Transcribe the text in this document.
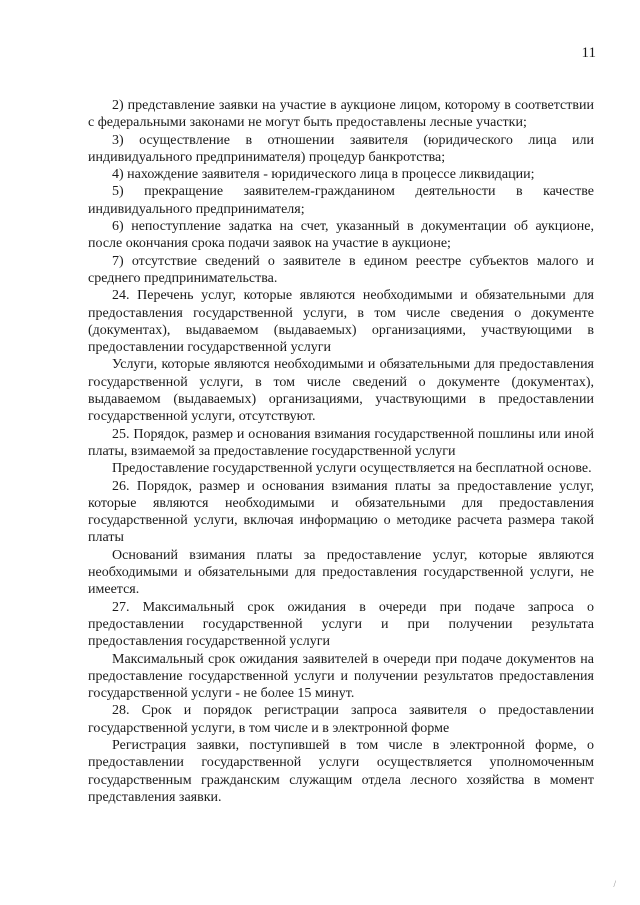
11

2) представление заявки на участие в аукционе лицом, которому в соответствии с федеральными законами не могут быть предоставлены лесные участки;

3) осуществление в отношении заявителя (юридического лица или индивидуального предпринимателя) процедур банкротства;

4) нахождение заявителя - юридического лица в процессе ликвидации;

5) прекращение заявителем-гражданином деятельности в качестве индивидуального предпринимателя;

6) непоступление задатка на счет, указанный в документации об аукционе, после окончания срока подачи заявок на участие в аукционе;

7) отсутствие сведений о заявителе в едином реестре субъектов малого и среднего предпринимательства.

24. Перечень услуг, которые являются необходимыми и обязательными для предоставления государственной услуги, в том числе сведения о документе (документах), выдаваемом (выдаваемых) организациями, участвующими в предоставлении государственной услуги

Услуги, которые являются необходимыми и обязательными для предоставления государственной услуги, в том числе сведений о документе (документах), выдаваемом (выдаваемых) организациями, участвующими в предоставлении государственной услуги, отсутствуют.

25. Порядок, размер и основания взимания государственной пошлины или иной платы, взимаемой за предоставление государственной услуги

Предоставление государственной услуги осуществляется на бесплатной основе.

26. Порядок, размер и основания взимания платы за предоставление услуг, которые являются необходимыми и обязательными для предоставления государственной услуги, включая информацию о методике расчета размера такой платы

Оснований взимания платы за предоставление услуг, которые являются необходимыми и обязательными для предоставления государственной услуги, не имеется.

27. Максимальный срок ожидания в очереди при подаче запроса о предоставлении государственной услуги и при получении результата предоставления государственной услуги

Максимальный срок ожидания заявителей в очереди при подаче документов на предоставление государственной услуги и получении результатов предоставления государственной услуги - не более 15 минут.

28. Срок и порядок регистрации запроса заявителя о предоставлении государственной услуги, в том числе и в электронной форме

Регистрация заявки, поступившей в том числе в электронной форме, о предоставлении государственной услуги осуществляется уполномоченным государственным гражданским служащим отдела лесного хозяйства в момент представления заявки.

/
